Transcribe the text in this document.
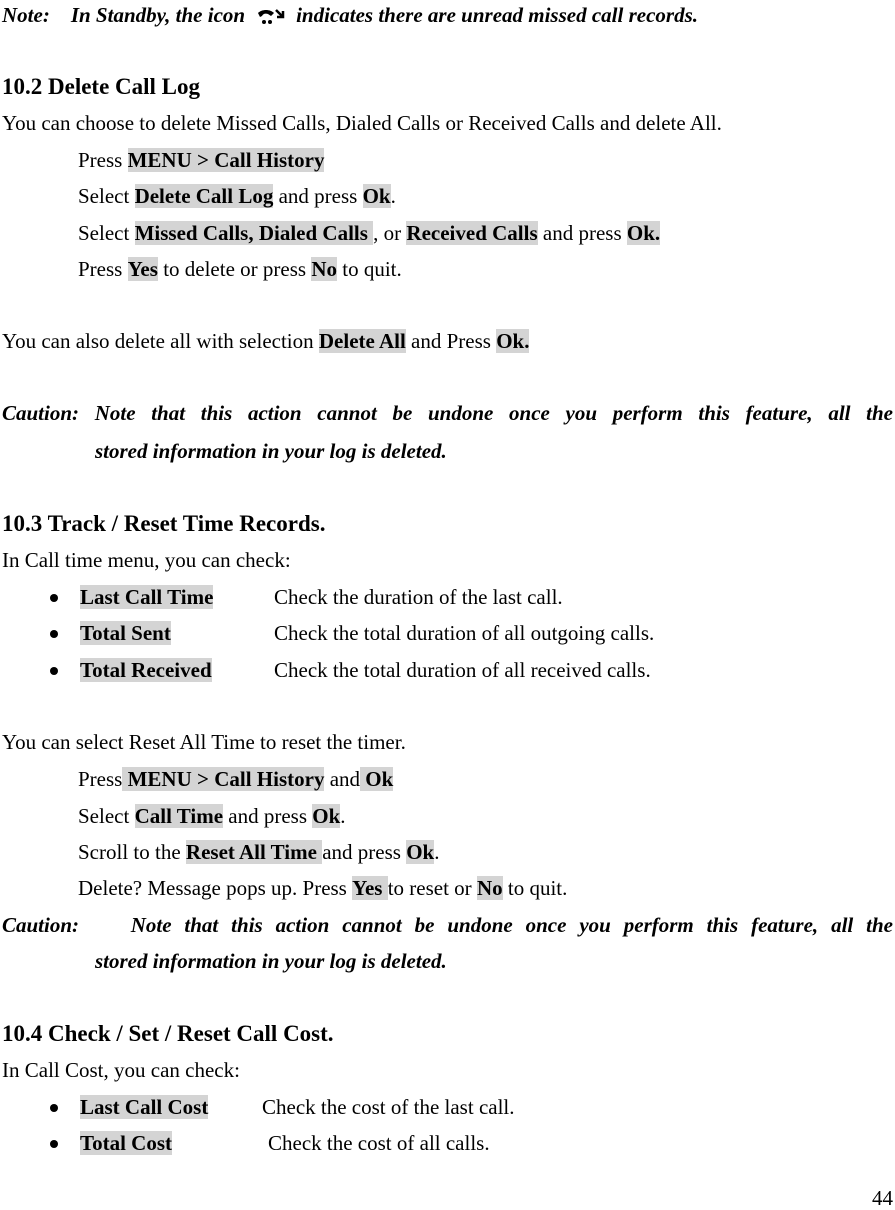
Note: In Standby, the icon indicates there are unread missed call records.
10.2 Delete Call Log
You can choose to delete Missed Calls, Dialed Calls or Received Calls and delete All.
Press MENU > Call History
Select Delete Call Log and press Ok.
Select Missed Calls, Dialed Calls , or Received Calls and press Ok.
Press Yes to delete or press No to quit.
You can also delete all with selection Delete All and Press Ok.
Caution: Note that this action cannot be undone once you perform this feature, all the
stored information in your log is deleted.
10.3 Track / Reset Time Records.
In Call time menu, you can check:
Last Call Time	Check the duration of the last call.
Total Sent	Check the total duration of all outgoing calls.
Total Received	Check the total duration of all received calls.
You can select Reset All Time to reset the timer.
Press MENU > Call History and Ok
Select Call Time and press Ok.
Scroll to the Reset All Time and press Ok.
Delete? Message pops up. Press Yes to reset or No to quit.
Caution: Note that this action cannot be undone once you perform this feature, all the
stored information in your log is deleted.
10.4 Check / Set / Reset Call Cost.
In Call Cost, you can check:
Last Call Cost	Check the cost of the last call.
Total Cost	Check the cost of all calls.
44
